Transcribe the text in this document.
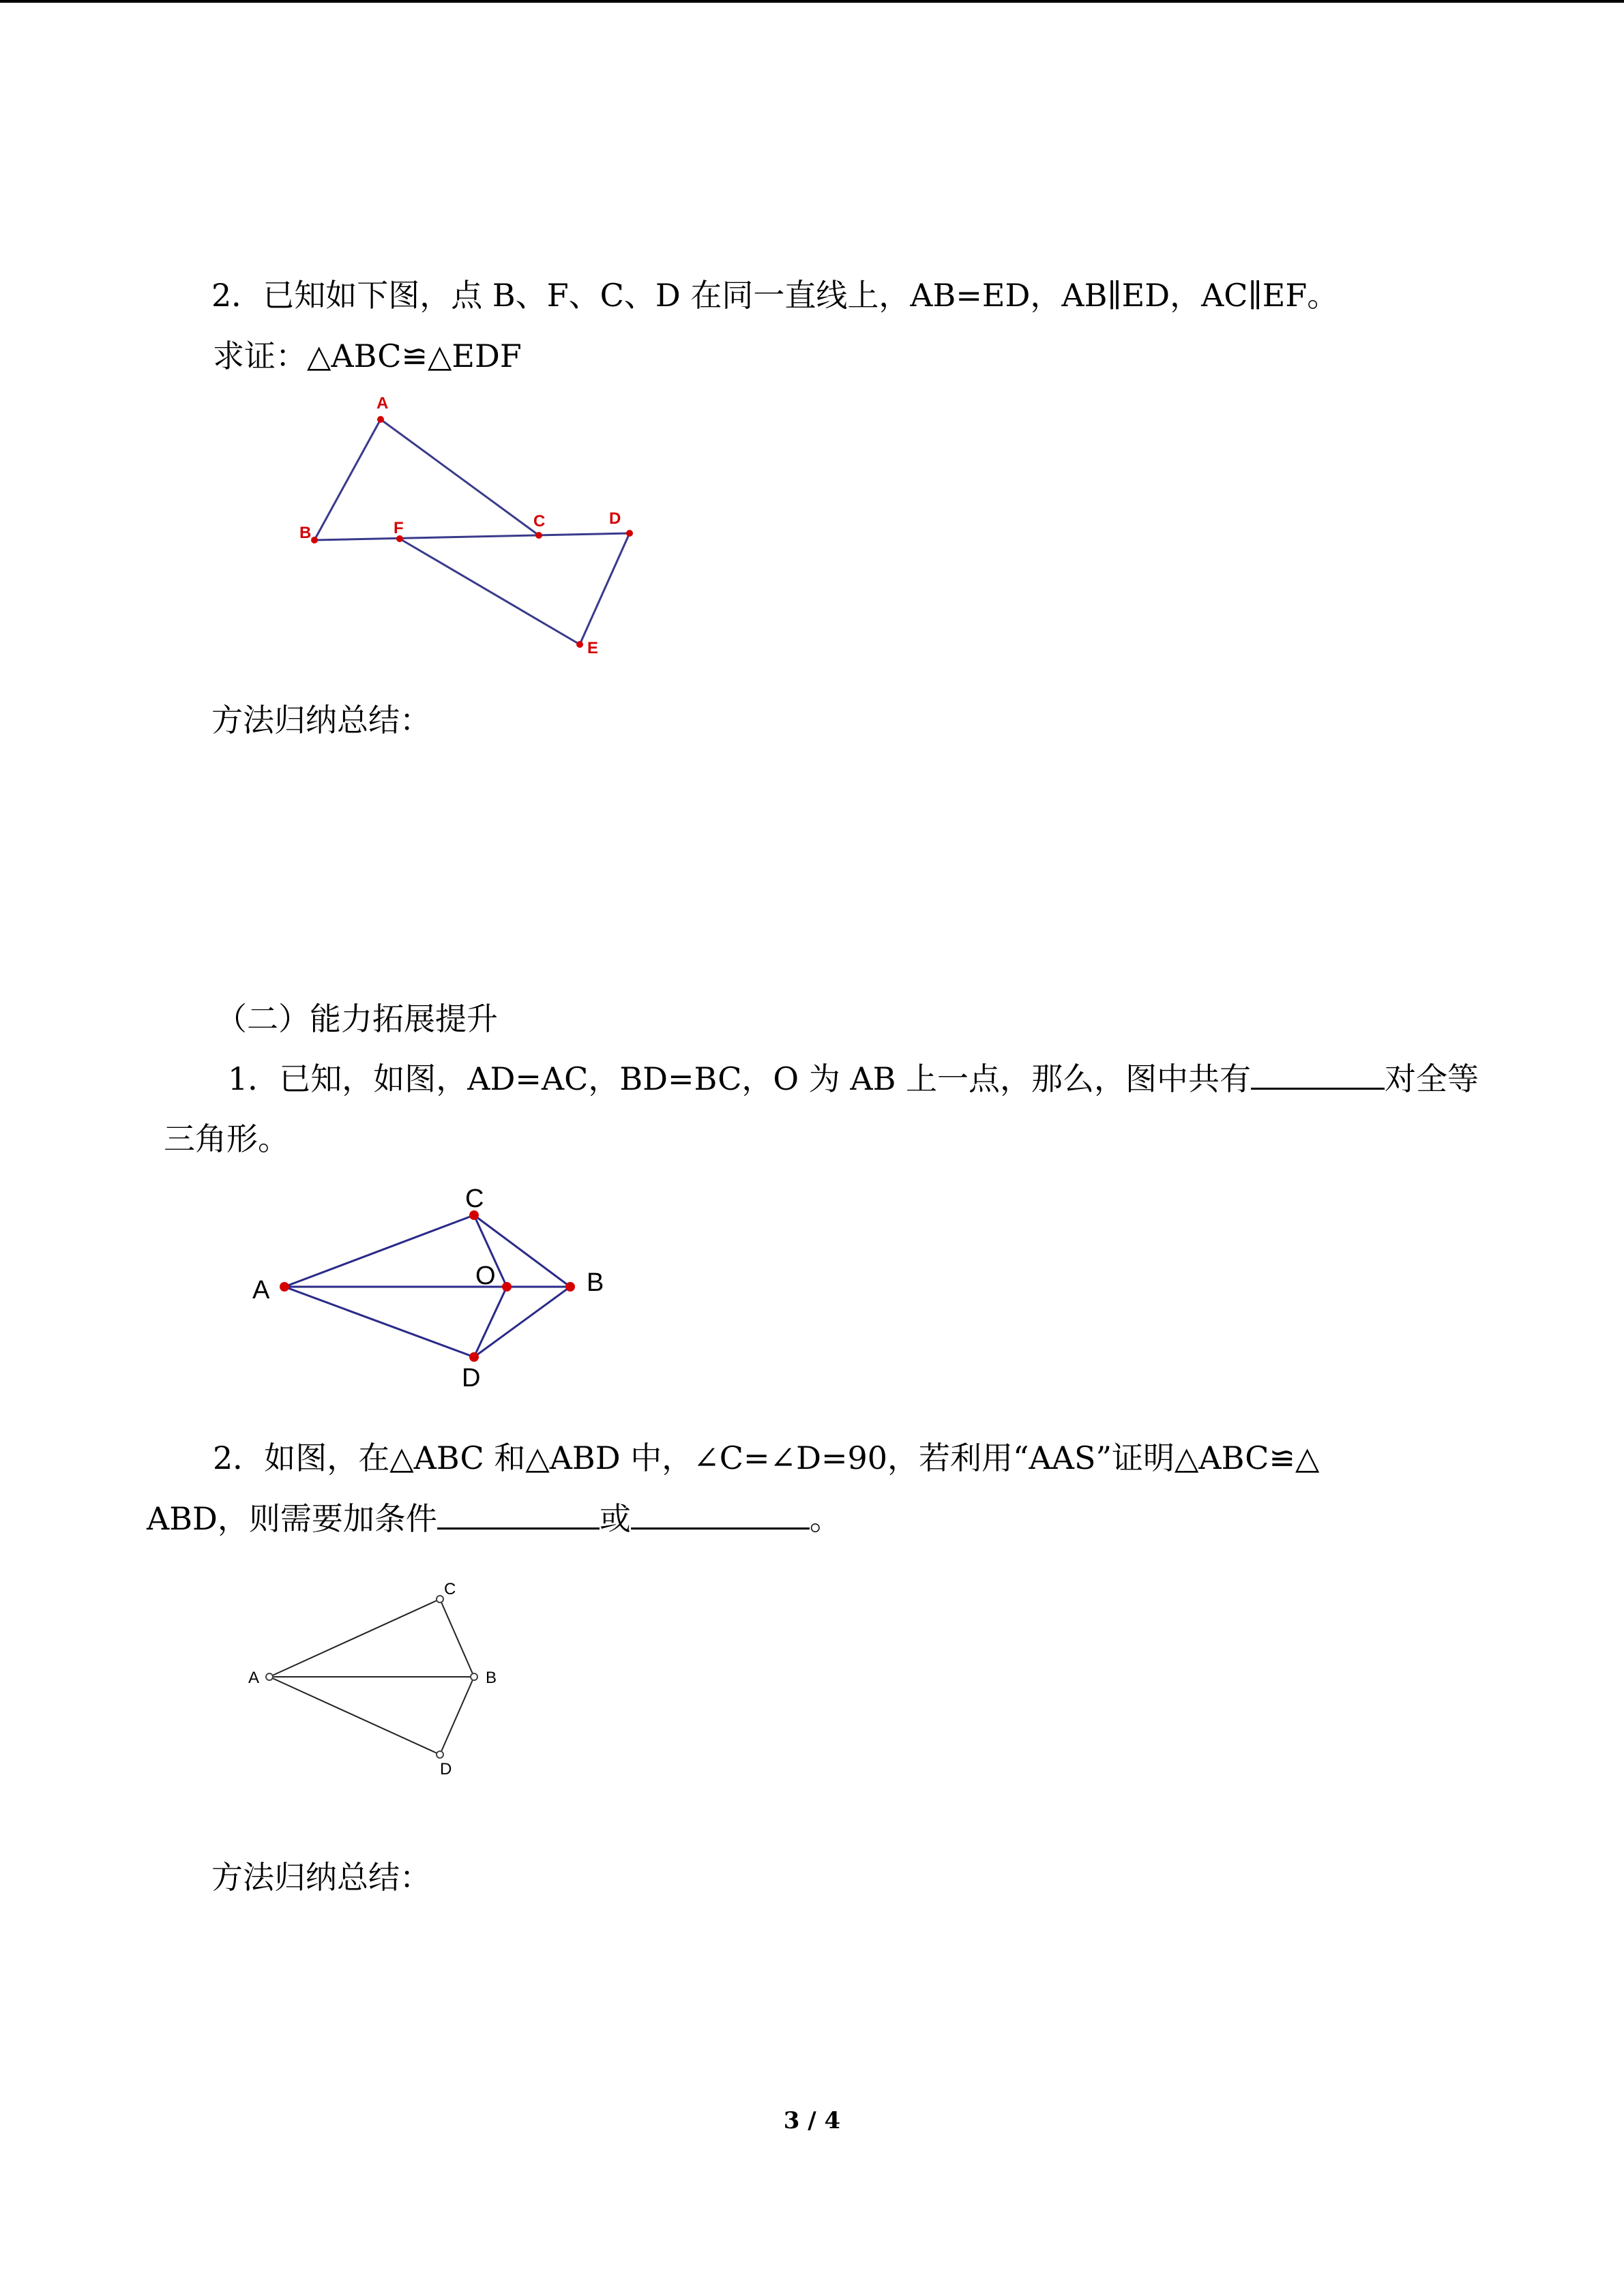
2．已知如下图，点 B、F、C、D 在同一直线上，AB=ED，AB∥ED，AC∥EF。
求证：△ABC≌△EDF
A
B	F	C	D
E
方法归纳总结：
（二）能力拓展提升
1．已知，如图，AD=AC，BD=BC，O 为 AB 上一点，那么，图中共有	对全等
三角形。
C
A	O	B
D
2．如图，在△ABC 和△ABD 中，∠C=∠D=90，若利用“AAS”证明△ABC≌△
ABD，则需要加条件	或	。
C
A	B
D
方法归纳总结：
3 / 4
